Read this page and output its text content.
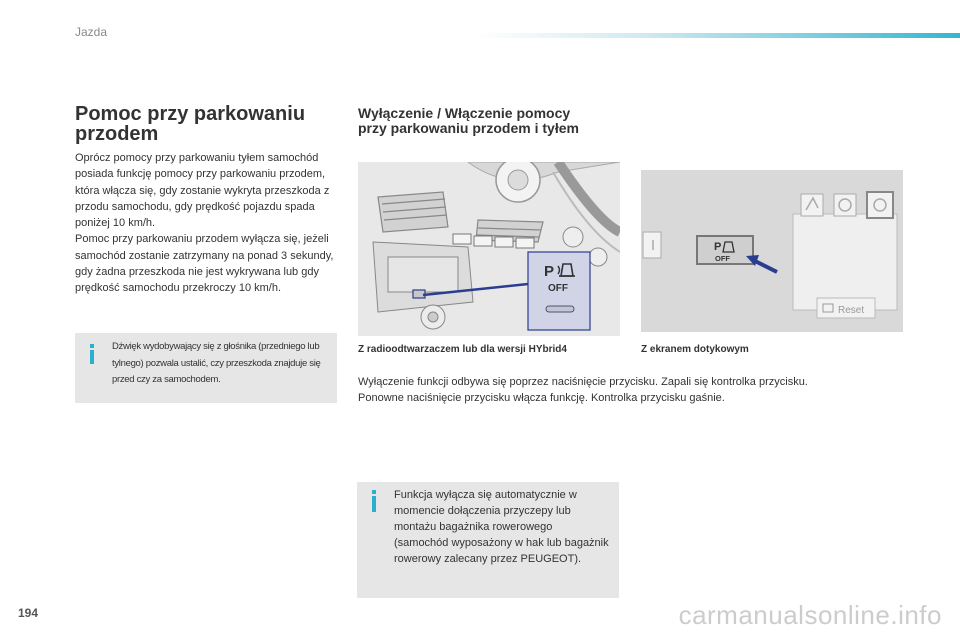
Jazda
Pomoc przy parkowaniu
przodem

Oprócz pomocy przy parkowaniu tyłem samochód posiada funkcję pomocy przy parkowaniu przodem, która włącza się, gdy zostanie wykryta przeszkoda z przodu samochodu, gdy prędkość pojazdu spada poniżej 10 km/h.

Pomoc przy parkowaniu przodem wyłącza się, jeżeli samochód zostanie zatrzymany na ponad 3 sekundy, gdy żadna przeszkoda nie jest wykrywana lub gdy prędkość samochodu przekroczy 10 km/h.

Dźwięk wydobywający się z głośnika (przedniego lub tylnego) pozwala ustalić, czy przeszkoda znajduje się przed czy za samochodem.
Wyłączenie / Włączenie pomocy
przy parkowaniu przodem i tyłem
P
OFF
P
OFF
Reset
Z radioodtwarzaczem lub dla wersji HYbrid4	Z ekranem dotykowym

Wyłączenie funkcji odbywa się poprzez naciśnięcie przycisku. Zapali się kontrolka przycisku.

Ponowne naciśnięcie przycisku włącza funkcję. Kontrolka przycisku gaśnie.

Funkcja wyłącza się automatycznie w momencie dołączenia przyczepy lub montażu bagażnika rowerowego (samochód wyposażony w hak lub bagażnik rowerowy zalecany przez PEUGEOT).
194	carmanualsonline.info
